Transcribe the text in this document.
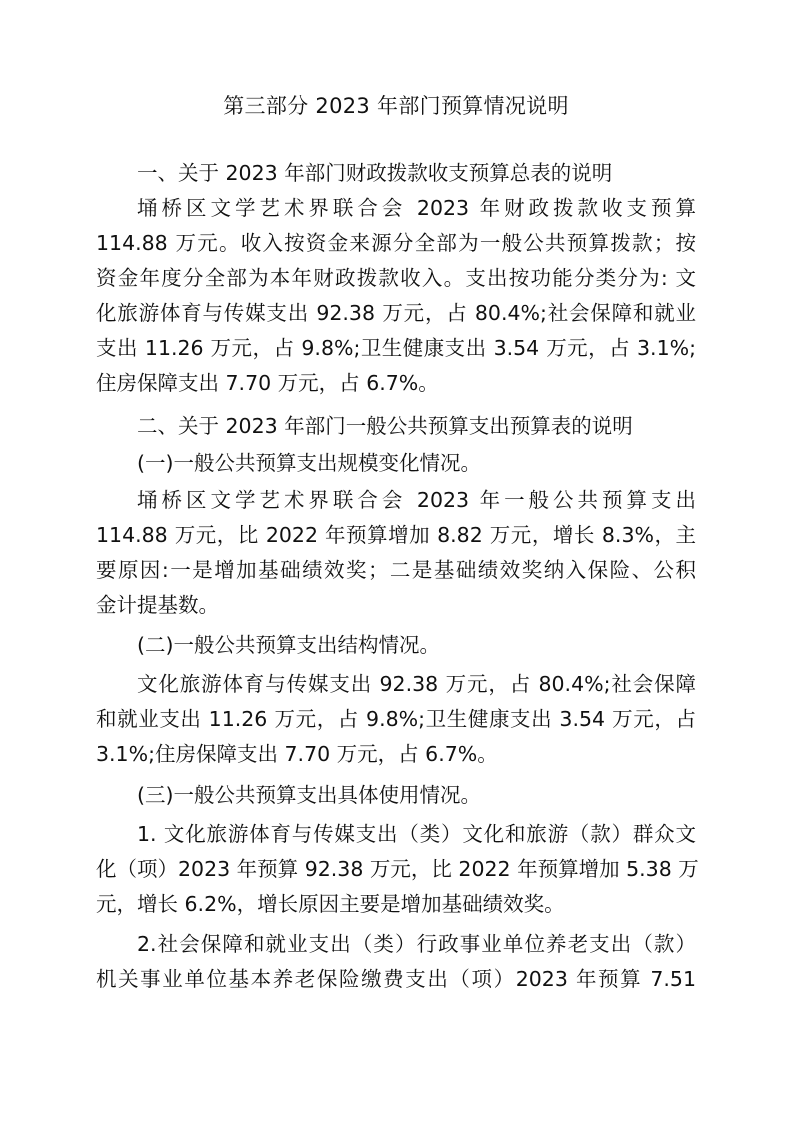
第三部分 2023 年部门预算情况说明
一、关于 2023 年部门财政拨款收支预算总表的说明
埇桥区文学艺术界联合会 2023 年财政拨款收支预算
114.88 万元。收入按资金来源分全部为一般公共预算拨款；按
资金年度分全部为本年财政拨款收入。支出按功能分类分为: 文
化旅游体育与传媒支出 92.38 万元，占 80.4%;社会保障和就业
支出 11.26 万元，占 9.8%;卫生健康支出 3.54 万元，占 3.1%;
住房保障支出 7.70 万元，占 6.7%。
二、关于 2023 年部门一般公共预算支出预算表的说明
(一)一般公共预算支出规模变化情况。
埇桥区文学艺术界联合会 2023 年一般公共预算支出
114.88 万元，比 2022 年预算增加 8.82 万元，增长 8.3%，主
要原因:一是增加基础绩效奖；二是基础绩效奖纳入保险、公积
金计提基数。
(二)一般公共预算支出结构情况。
文化旅游体育与传媒支出 92.38 万元，占 80.4%;社会保障
和就业支出 11.26 万元，占 9.8%;卫生健康支出 3.54 万元，占
3.1%;住房保障支出 7.70 万元，占 6.7%。
(三)一般公共预算支出具体使用情况。
1. 文化旅游体育与传媒支出（类）文化和旅游（款）群众文
化（项）2023 年预算 92.38 万元，比 2022 年预算增加 5.38 万
元，增长 6.2%，增长原因主要是增加基础绩效奖。
2.社会保障和就业支出（类）行政事业单位养老支出（款）
机关事业单位基本养老保险缴费支出（项）2023 年预算 7.51
